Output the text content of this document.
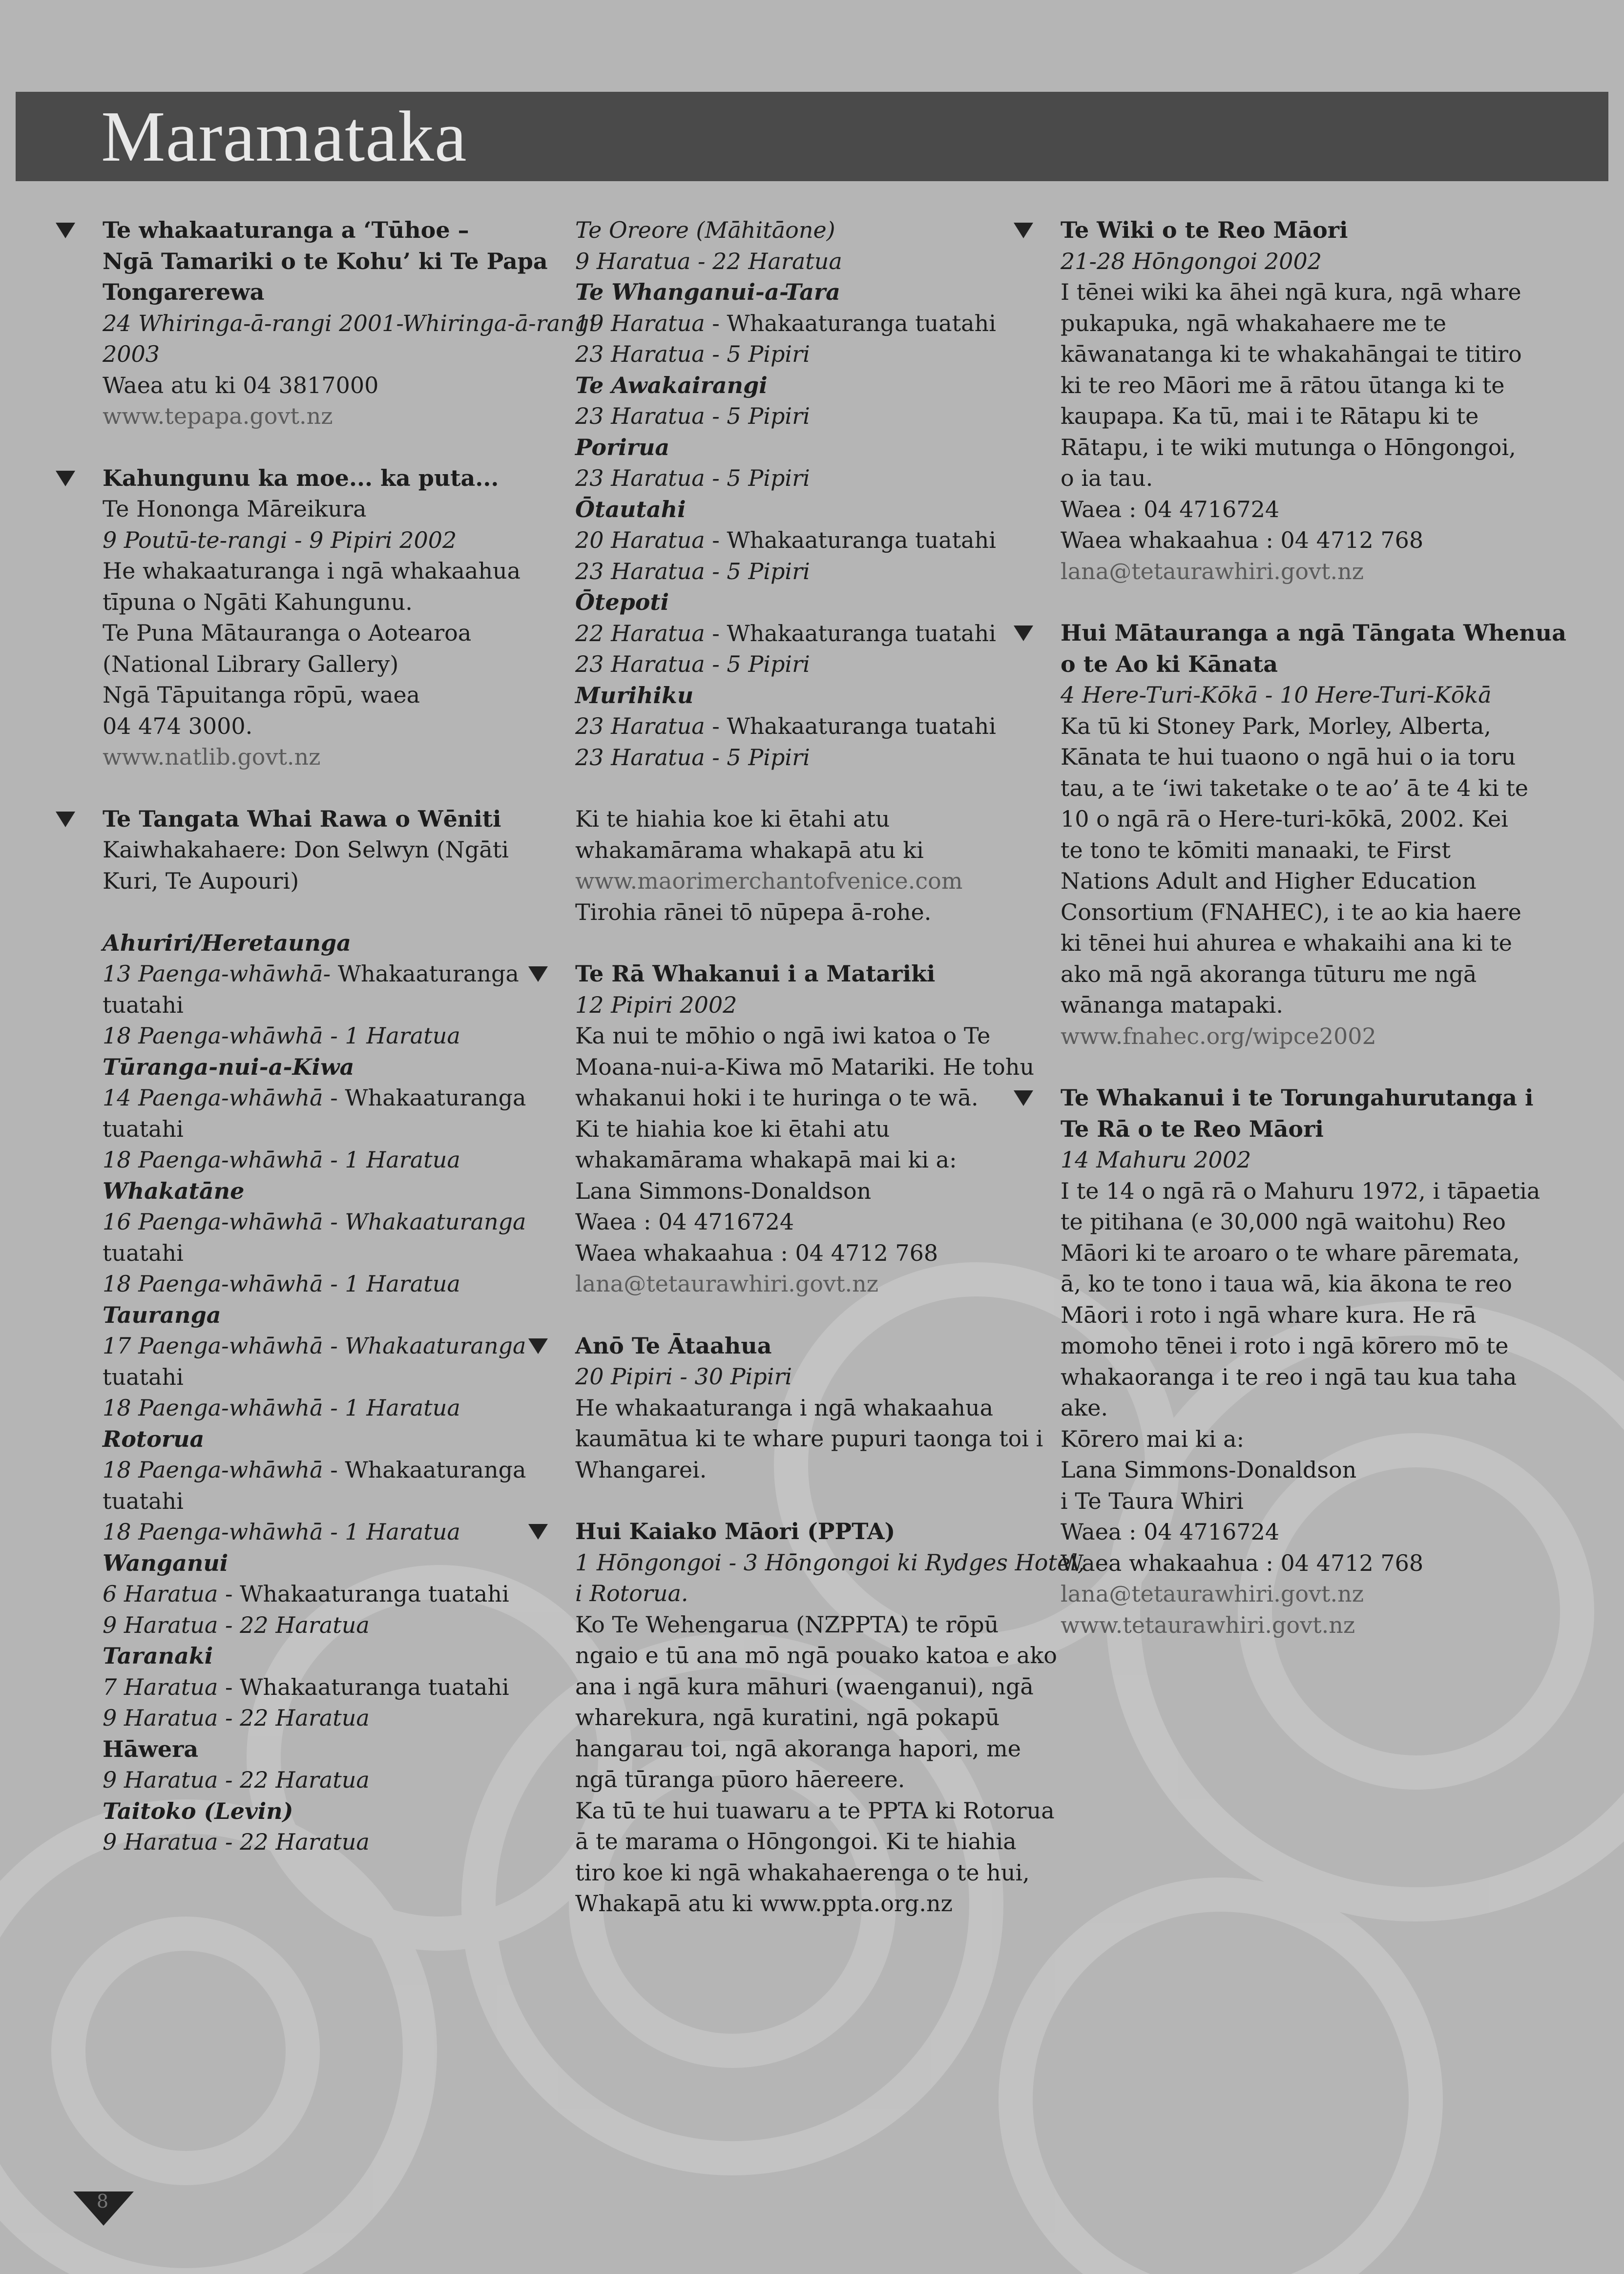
Maramataka
Te whakaaturanga a ‘Tūhoe –
Ngā Tamariki o te Kohu’ ki Te Papa
Tongarerewa
24 Whiringa-ā-rangi 2001-Whiringa-ā-rangi
2003
Waea atu ki 04 3817000
www.tepapa.govt.nz
Kahungunu ka moe... ka puta...
Te Hononga Māreikura
9 Poutū-te-rangi - 9 Pipiri 2002
He whakaaturanga i ngā whakaahua
tīpuna o Ngāti Kahungunu.
Te Puna Mātauranga o Aotearoa
(National Library Gallery)
Ngā Tāpuitanga rōpū, waea
04 474 3000.
www.natlib.govt.nz
Te Tangata Whai Rawa o Wēniti
Kaiwhakahaere: Don Selwyn (Ngāti
Kuri, Te Aupouri)
Ahuriri/Heretaunga
13 Paenga-whāwhā- Whakaaturanga
tuatahi
18 Paenga-whāwhā - 1 Haratua
Tūranga-nui-a-Kiwa
14 Paenga-whāwhā - Whakaaturanga
tuatahi
18 Paenga-whāwhā - 1 Haratua
Whakatāne
16 Paenga-whāwhā - Whakaaturanga
tuatahi
18 Paenga-whāwhā - 1 Haratua
Tauranga
17 Paenga-whāwhā - Whakaaturanga
tuatahi
18 Paenga-whāwhā - 1 Haratua
Rotorua
18 Paenga-whāwhā - Whakaaturanga
tuatahi
18 Paenga-whāwhā - 1 Haratua
Wanganui
6 Haratua - Whakaaturanga tuatahi
9 Haratua - 22 Haratua
Taranaki
7 Haratua - Whakaaturanga tuatahi
9 Haratua - 22 Haratua
Hāwera
9 Haratua - 22 Haratua
Taitoko (Levin)
9 Haratua - 22 Haratua
Te Oreore (Māhitāone)
9 Haratua - 22 Haratua
Te Whanganui-a-Tara
19 Haratua - Whakaaturanga tuatahi
23 Haratua - 5 Pipiri
Te Awakairangi
23 Haratua - 5 Pipiri
Porirua
23 Haratua - 5 Pipiri
Ōtautahi
20 Haratua - Whakaaturanga tuatahi
23 Haratua - 5 Pipiri
Ōtepoti
22 Haratua - Whakaaturanga tuatahi
23 Haratua - 5 Pipiri
Murihiku
23 Haratua - Whakaaturanga tuatahi
23 Haratua - 5 Pipiri
Ki te hiahia koe ki ētahi atu
whakamārama whakapā atu ki
www.maorimerchantofvenice.com
Tirohia rānei tō nūpepa ā-rohe.
Te Rā Whakanui i a Matariki
12 Pipiri 2002
Ka nui te mōhio o ngā iwi katoa o Te
Moana-nui-a-Kiwa mō Matariki. He tohu
whakanui hoki i te huringa o te wā.
Ki te hiahia koe ki ētahi atu
whakamārama whakapā mai ki a:
Lana Simmons-Donaldson
Waea : 04 4716724
Waea whakaahua : 04 4712 768
lana@tetaurawhiri.govt.nz
Anō Te Ātaahua
20 Pipiri - 30 Pipiri
He whakaaturanga i ngā whakaahua
kaumātua ki te whare pupuri taonga toi i
Whangarei.
Hui Kaiako Māori (PPTA)
1 Hōngongoi - 3 Hōngongoi ki Rydges Hotel,
i Rotorua.
Ko Te Wehengarua (NZPPTA) te rōpū
ngaio e tū ana mō ngā pouako katoa e ako
ana i ngā kura māhuri (waenganui), ngā
wharekura, ngā kuratini, ngā pokapū
hangarau toi, ngā akoranga hapori, me
ngā tūranga pūoro hāereere.
Ka tū te hui tuawaru a te PPTA ki Rotorua
ā te marama o Hōngongoi. Ki te hiahia
tiro koe ki ngā whakahaerenga o te hui,
Whakapā atu ki www.ppta.org.nz
Te Wiki o te Reo Māori
21-28 Hōngongoi 2002
I tēnei wiki ka āhei ngā kura, ngā whare
pukapuka, ngā whakahaere me te
kāwanatanga ki te whakahāngai te titiro
ki te reo Māori me ā rātou ūtanga ki te
kaupapa. Ka tū, mai i te Rātapu ki te
Rātapu, i te wiki mutunga o Hōngongoi,
o ia tau.
Waea : 04 4716724
Waea whakaahua : 04 4712 768
lana@tetaurawhiri.govt.nz
Hui Mātauranga a ngā Tāngata Whenua
o te Ao ki Kānata
4 Here-Turi-Kōkā - 10 Here-Turi-Kōkā
Ka tū ki Stoney Park, Morley, Alberta,
Kānata te hui tuaono o ngā hui o ia toru
tau, a te ‘iwi taketake o te ao’ ā te 4 ki te
10 o ngā rā o Here-turi-kōkā, 2002. Kei
te tono te kōmiti manaaki, te First
Nations Adult and Higher Education
Consortium (FNAHEC), i te ao kia haere
ki tēnei hui ahurea e whakaihi ana ki te
ako mā ngā akoranga tūturu me ngā
wānanga matapaki.
www.fnahec.org/wipce2002
Te Whakanui i te Torungahurutanga i
Te Rā o te Reo Māori
14 Mahuru 2002
I te 14 o ngā rā o Mahuru 1972, i tāpaetia
te pitihana (e 30,000 ngā waitohu) Reo
Māori ki te aroaro o te whare pāremata,
ā, ko te tono i taua wā, kia ākona te reo
Māori i roto i ngā whare kura. He rā
momoho tēnei i roto i ngā kōrero mō te
whakaoranga i te reo i ngā tau kua taha
ake.
Kōrero mai ki a:
Lana Simmons-Donaldson
i Te Taura Whiri
Waea : 04 4716724
Waea whakaahua : 04 4712 768
lana@tetaurawhiri.govt.nz
www.tetaurawhiri.govt.nz
8
